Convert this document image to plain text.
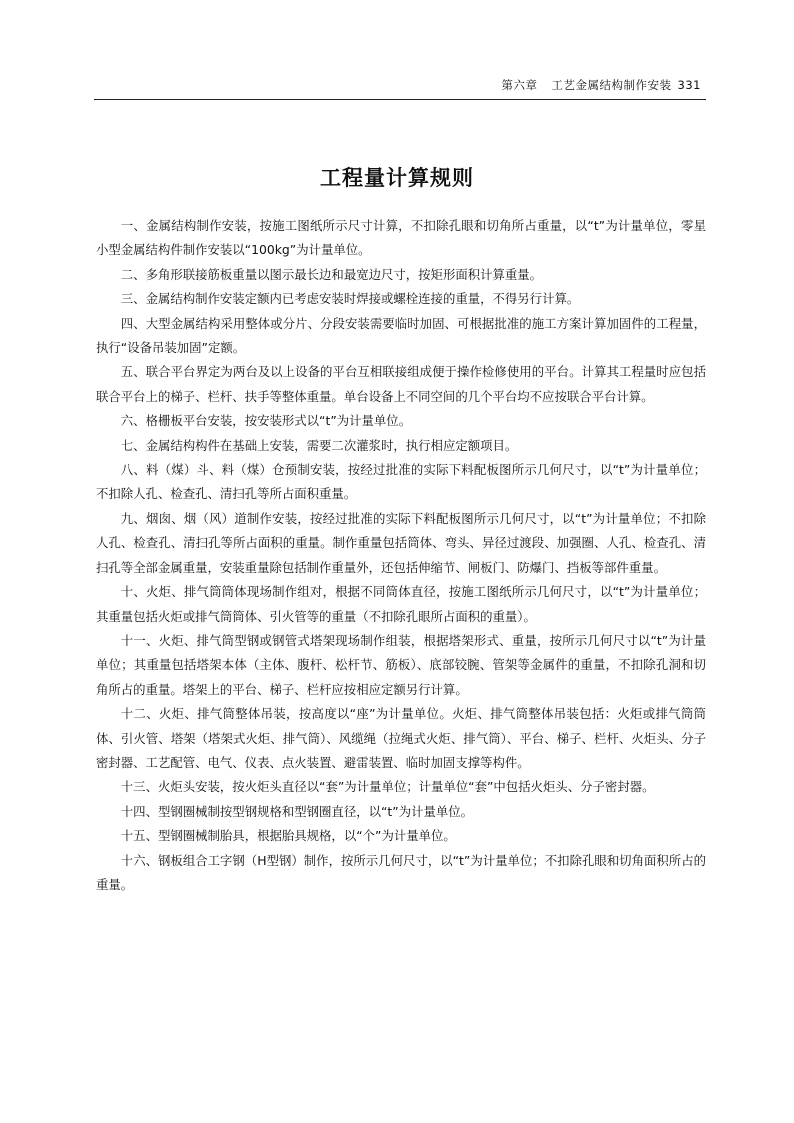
第六章 工艺金属结构制作安装 331
工程量计算规则

一、金属结构制作安装，按施工图纸所示尺寸计算，不扣除孔眼和切角所占重量，以“t”为计量单位，零星小型金属结构件制作安装以“100kg”为计量单位。

二、多角形联接筋板重量以图示最长边和最宽边尺寸，按矩形面积计算重量。

三、金属结构制作安装定额内已考虑安装时焊接或螺栓连接的重量，不得另行计算。

四、大型金属结构采用整体或分片、分段安装需要临时加固、可根据批准的施工方案计算加固件的工程量，执行“设备吊装加固”定额。

五、联合平台界定为两台及以上设备的平台互相联接组成便于操作检修使用的平台。计算其工程量时应包括联合平台上的梯子、栏杆、扶手等整体重量。单台设备上不同空间的几个平台均不应按联合平台计算。

六、格栅板平台安装，按安装形式以“t”为计量单位。

七、金属结构构件在基础上安装，需要二次灌浆时，执行相应定额项目。

八、料（煤）斗、料（煤）仓预制安装，按经过批准的实际下料配板图所示几何尺寸，以“t”为计量单位；不扣除人孔、检查孔、清扫孔等所占面积重量。

九、烟囱、烟（风）道制作安装，按经过批准的实际下料配板图所示几何尺寸，以“t”为计量单位；不扣除人孔、检查孔、清扫孔等所占面积的重量。制作重量包括筒体、弯头、异径过渡段、加强圈、人孔、检查孔、清扫孔等全部金属重量，安装重量除包括制作重量外，还包括伸缩节、闸板门、防爆门、挡板等部件重量。

十、火炬、排气筒筒体现场制作组对，根据不同筒体直径，按施工图纸所示几何尺寸，以“t”为计量单位；其重量包括火炬或排气筒筒体、引火管等的重量（不扣除孔眼所占面积的重量）。

十一、火炬、排气筒型钢或钢管式塔架现场制作组装，根据塔架形式、重量，按所示几何尺寸以“t”为计量单位；其重量包括塔架本体（主体、腹杆、松杆节、筋板）、底部铰腕、管架等金属件的重量，不扣除孔洞和切角所占的重量。塔架上的平台、梯子、栏杆应按相应定额另行计算。

十二、火炬、排气筒整体吊装，按高度以“座”为计量单位。火炬、排气筒整体吊装包括：火炬或排气筒筒体、引火管、塔架（塔架式火炬、排气筒）、风缆绳（拉绳式火炬、排气筒）、平台、梯子、栏杆、火炬头、分子密封器、工艺配管、电气、仪表、点火装置、避雷装置、临时加固支撑等构件。

十三、火炬头安装，按火炬头直径以“套”为计量单位；计量单位“套”中包括火炬头、分子密封器。

十四、型钢圈械制按型钢规格和型钢圈直径，以“t”为计量单位。

十五、型钢圈械制胎具，根据胎具规格，以“个”为计量单位。

十六、钢板组合工字钢（H型钢）制作，按所示几何尺寸，以“t”为计量单位；不扣除孔眼和切角面积所占的重量。
